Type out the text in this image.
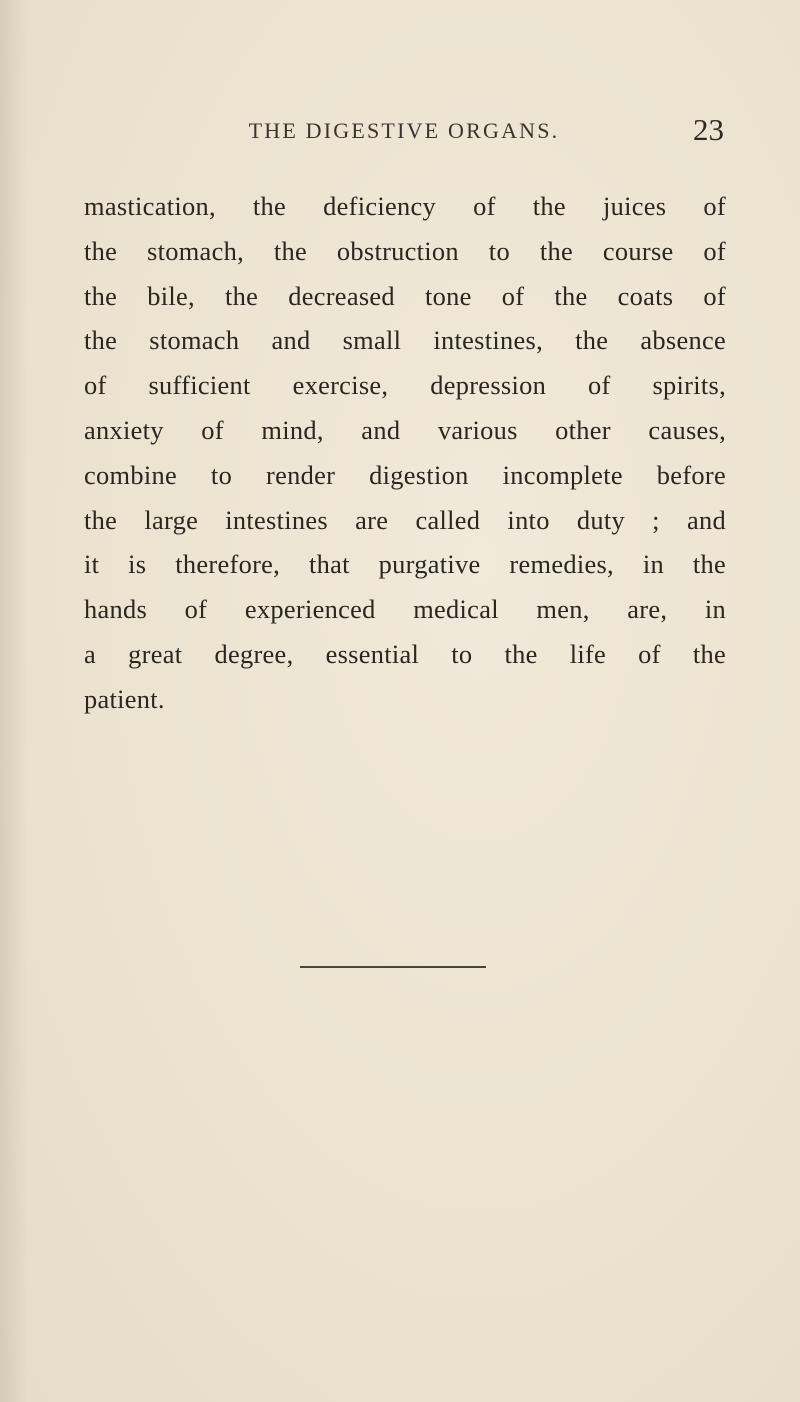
THE DIGESTIVE ORGANS.	23
mastication, the deficiency of the juices of
the stomach, the obstruction to the course of
the bile, the decreased tone of the coats of
the stomach and small intestines, the absence
of sufficient exercise, depression of spirits,
anxiety of mind, and various other causes,
combine to render digestion incomplete before
the large intestines are called into duty ; and
it is therefore, that purgative remedies, in the
hands of experienced medical men, are, in
a great degree, essential to the life of the
patient.
